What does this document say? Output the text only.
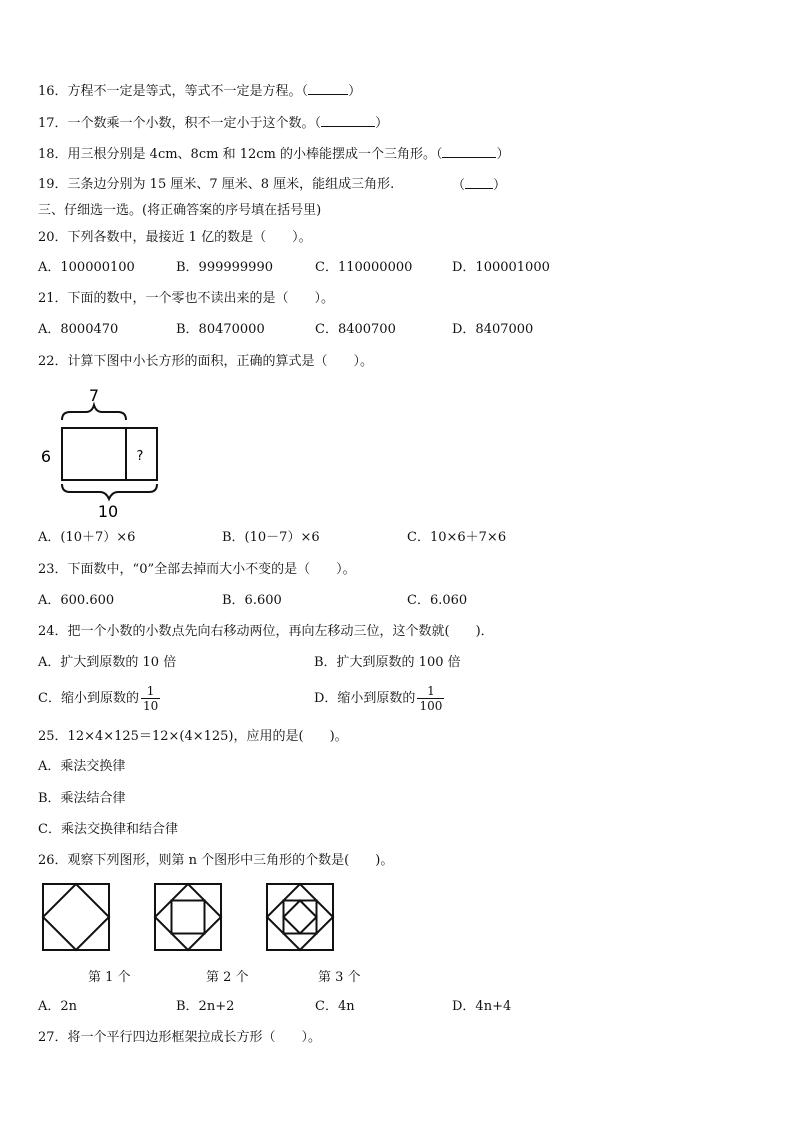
16．方程不一定是等式，等式不一定是方程。（	）
17．一个数乘一个小数，积不一定小于这个数。（	）
18．用三根分别是 4cm、8cm 和 12cm 的小棒能摆成一个三角形。（	）
19．三条边分别为 15 厘米、7 厘米、8 厘米，能组成三角形.	（ ）
三、仔细选一选。(将正确答案的序号填在括号里)
20．下列各数中，最接近 1 亿的数是（　　）。
A．100000100	B．999999990	C．110000000	D．100001000
21．下面的数中，一个零也不读出来的是（　　）。
A．8000470	B．80470000	C．8400700	D．8407000
22．计算下图中小长方形的面积，正确的算式是（　　）。
7
?
6
10
A．(10＋7）×6	B．(10－7）×6	C．10×6＋7×6
23．下面数中，“0”全部去掉而大小不变的是（　　）。
A．600.600	B．6.600	C．6.060
24．把一个小数的小数点先向右移动两位，再向左移动三位，这个数就(　　)．
A．扩大到原数的 10 倍	B．扩大到原数的 100 倍
C．缩小到原数的 $\frac{1}{10}$	D．缩小到原数的 $\frac{1}{100}$
25．12×4×125＝12×(4×125)，应用的是(　　)。
A．乘法交换律
B．乘法结合律
C．乘法交换律和结合律
26．观察下列图形，则第 n 个图形中三角形的个数是(　　)。
第 1 个	第 2 个	第 3 个
A．2n	B．2n+2	C．4n	D．4n+4
27．将一个平行四边形框架拉成长方形（　　）。
